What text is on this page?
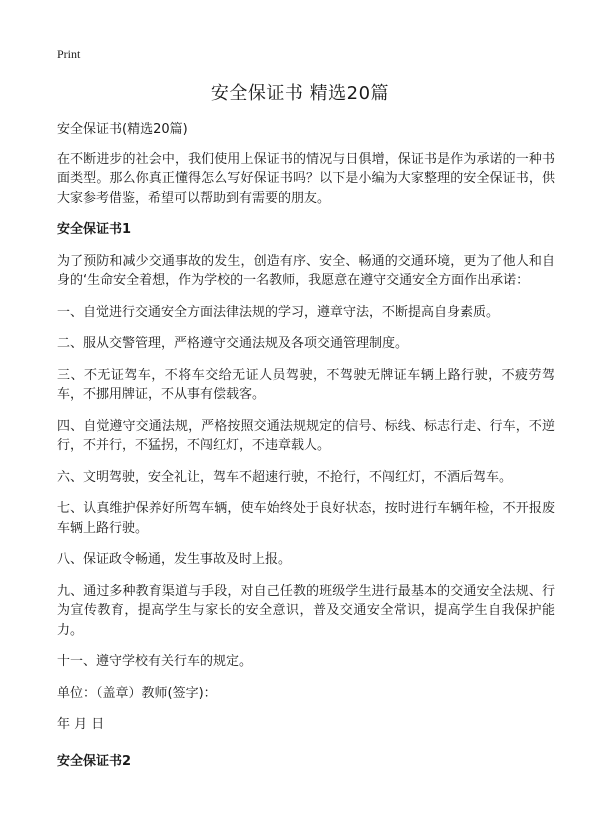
Print
安全保证书 精选20篇

安全保证书(精选20篇)

在不断进步的社会中，我们使用上保证书的情况与日俱增，保证书是作为承诺的一种书面类型。那么你真正懂得怎么写好保证书吗？以下是小编为大家整理的安全保证书，供大家参考借鉴，希望可以帮助到有需要的朋友。

安全保证书1

为了预防和减少交通事故的发生，创造有序、安全、畅通的交通环境，更为了他人和自身的‘生命安全着想，作为学校的一名教师，我愿意在遵守交通安全方面作出承诺：

一、自觉进行交通安全方面法律法规的学习，遵章守法，不断提高自身素质。

二、服从交警管理，严格遵守交通法规及各项交通管理制度。

三、不无证驾车，不将车交给无证人员驾驶，不驾驶无牌证车辆上路行驶，不疲劳驾车，不挪用牌证，不从事有偿载客。

四、自觉遵守交通法规，严格按照交通法规规定的信号、标线、标志行走、行车，不逆行，不并行，不猛拐，不闯红灯，不违章载人。

六、文明驾驶，安全礼让，驾车不超速行驶，不抢行，不闯红灯，不酒后驾车。

七、认真维护保养好所驾车辆，使车始终处于良好状态，按时进行车辆年检，不开报废车辆上路行驶。

八、保证政令畅通，发生事故及时上报。

九、通过多种教育渠道与手段，对自己任教的班级学生进行最基本的交通安全法规、行为宣传教育，提高学生与家长的安全意识，普及交通安全常识，提高学生自我保护能力。

十一、遵守学校有关行车的规定。

单位：（盖章）教师(签字)：

年 月 日

安全保证书2
